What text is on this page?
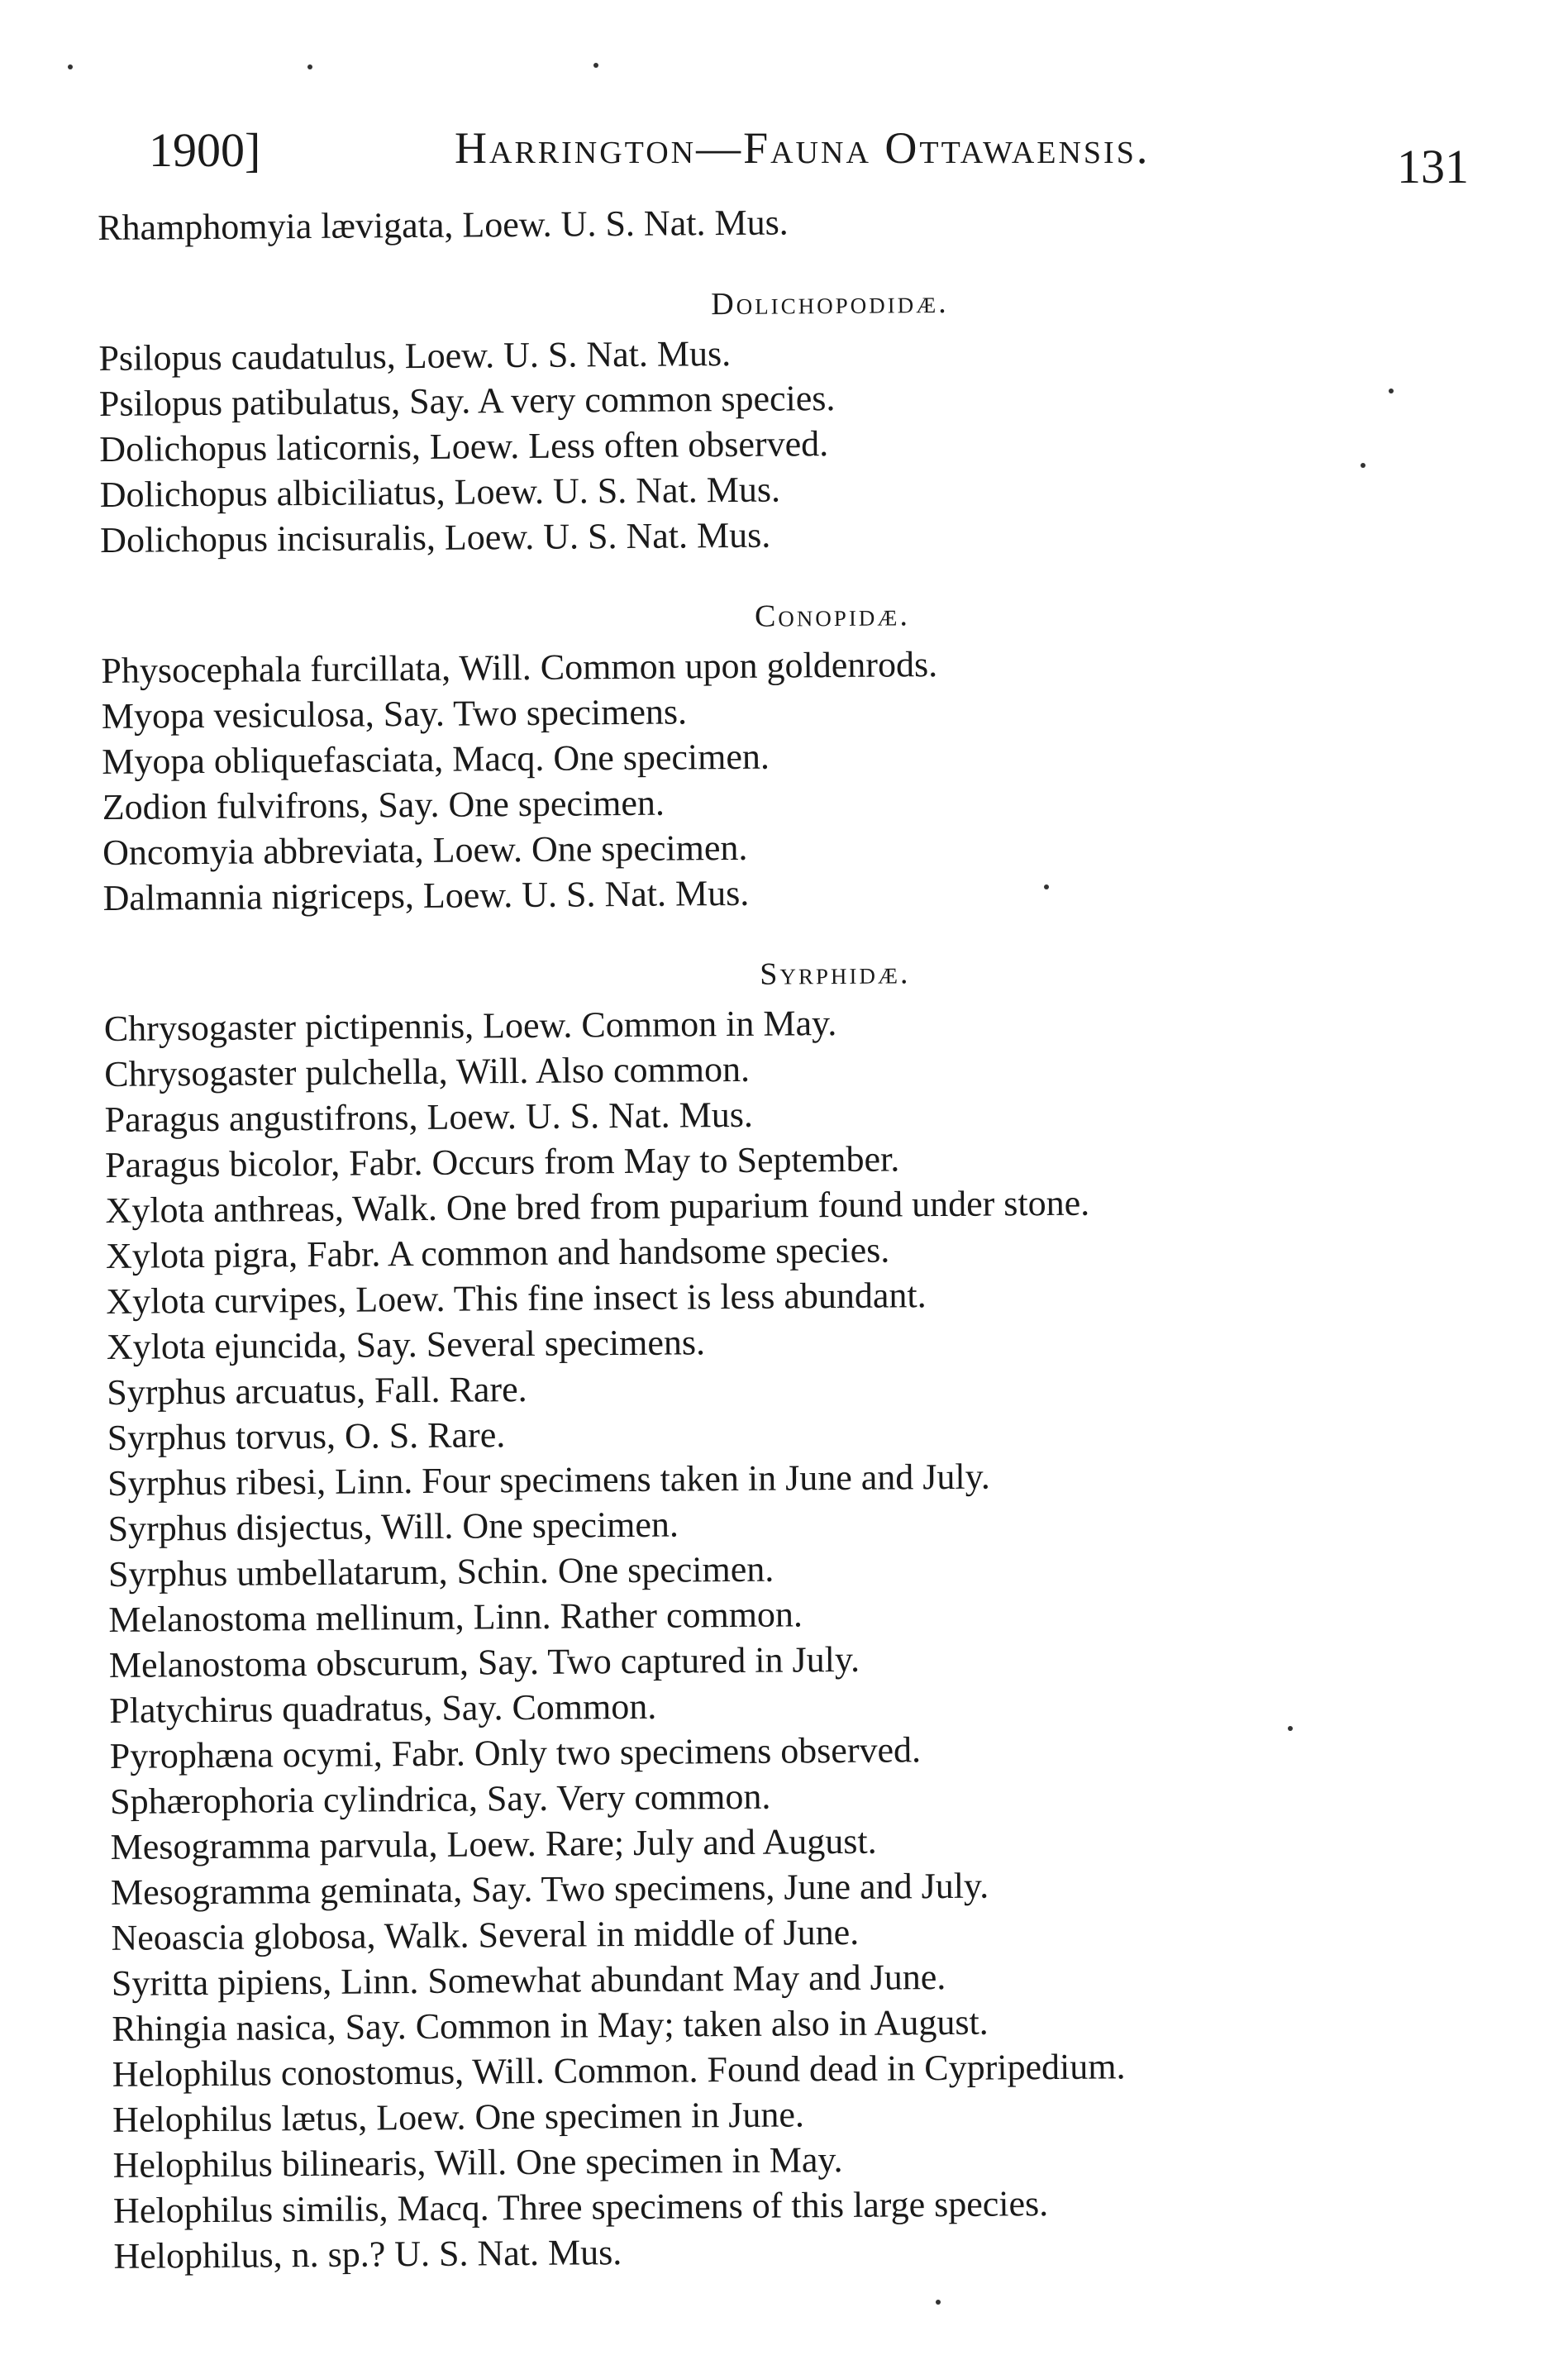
1900]	Harrington—Fauna Ottawaensis.	131
Rhamphomyia lævigata, Loew. U. S. Nat. Mus.
Dolichopodidæ.
Psilopus caudatulus, Loew. U. S. Nat. Mus.
Psilopus patibulatus, Say. A very common species.
Dolichopus laticornis, Loew. Less often observed.
Dolichopus albiciliatus, Loew. U. S. Nat. Mus.
Dolichopus incisuralis, Loew. U. S. Nat. Mus.
Conopidæ.
Physocephala furcillata, Will. Common upon goldenrods.
Myopa vesiculosa, Say. Two specimens.
Myopa obliquefasciata, Macq. One specimen.
Zodion fulvifrons, Say. One specimen.
Oncomyia abbreviata, Loew. One specimen.
Dalmannia nigriceps, Loew. U. S. Nat. Mus.
Syrphidæ.
Chrysogaster pictipennis, Loew. Common in May.
Chrysogaster pulchella, Will. Also common.
Paragus angustifrons, Loew. U. S. Nat. Mus.
Paragus bicolor, Fabr. Occurs from May to September.
Xylota anthreas, Walk. One bred from puparium found under stone.
Xylota pigra, Fabr. A common and handsome species.
Xylota curvipes, Loew. This fine insect is less abundant.
Xylota ejuncida, Say. Several specimens.
Syrphus arcuatus, Fall. Rare.
Syrphus torvus, O. S. Rare.
Syrphus ribesi, Linn. Four specimens taken in June and July.
Syrphus disjectus, Will. One specimen.
Syrphus umbellatarum, Schin. One specimen.
Melanostoma mellinum, Linn. Rather common.
Melanostoma obscurum, Say. Two captured in July.
Platychirus quadratus, Say. Common.
Pyrophæna ocymi, Fabr. Only two specimens observed.
Sphærophoria cylindrica, Say. Very common.
Mesogramma parvula, Loew. Rare; July and August.
Mesogramma geminata, Say. Two specimens, June and July.
Neoascia globosa, Walk. Several in middle of June.
Syritta pipiens, Linn. Somewhat abundant May and June.
Rhingia nasica, Say. Common in May; taken also in August.
Helophilus conostomus, Will. Common. Found dead in Cypripedium.
Helophilus lætus, Loew. One specimen in June.
Helophilus bilinearis, Will. One specimen in May.
Helophilus similis, Macq. Three specimens of this large species.
Helophilus, n. sp.? U. S. Nat. Mus.
